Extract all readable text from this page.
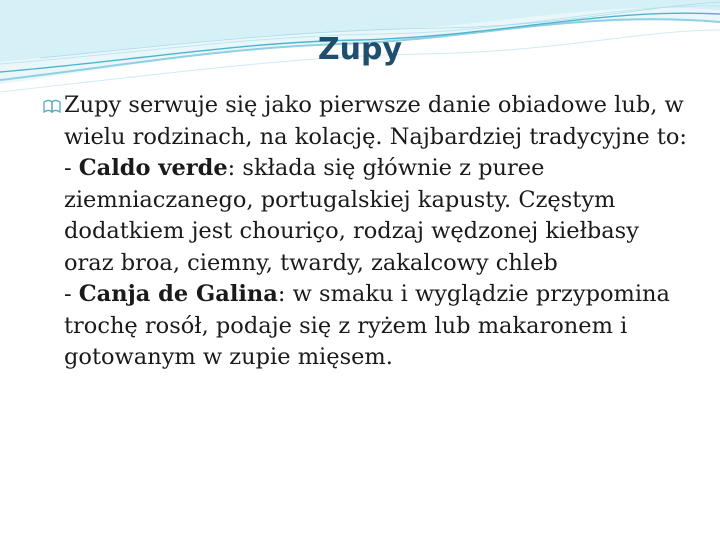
Zupy

Zupy serwuje się jako pierwsze danie obiadowe lub, w wielu rodzinach, na kolację. Najbardziej tradycyjne to:

- Caldo verde: składa się głównie z puree ziemniaczanego, portugalskiej kapusty. Częstym dodatkiem jest chouriço, rodzaj wędzonej kiełbasy oraz broa, ciemny, twardy, zakalcowy chleb
- Canja de Galina: w smaku i wyglądzie przypomina trochę rosół, podaje się z ryżem lub makaronem i gotowanym w zupie mięsem.
